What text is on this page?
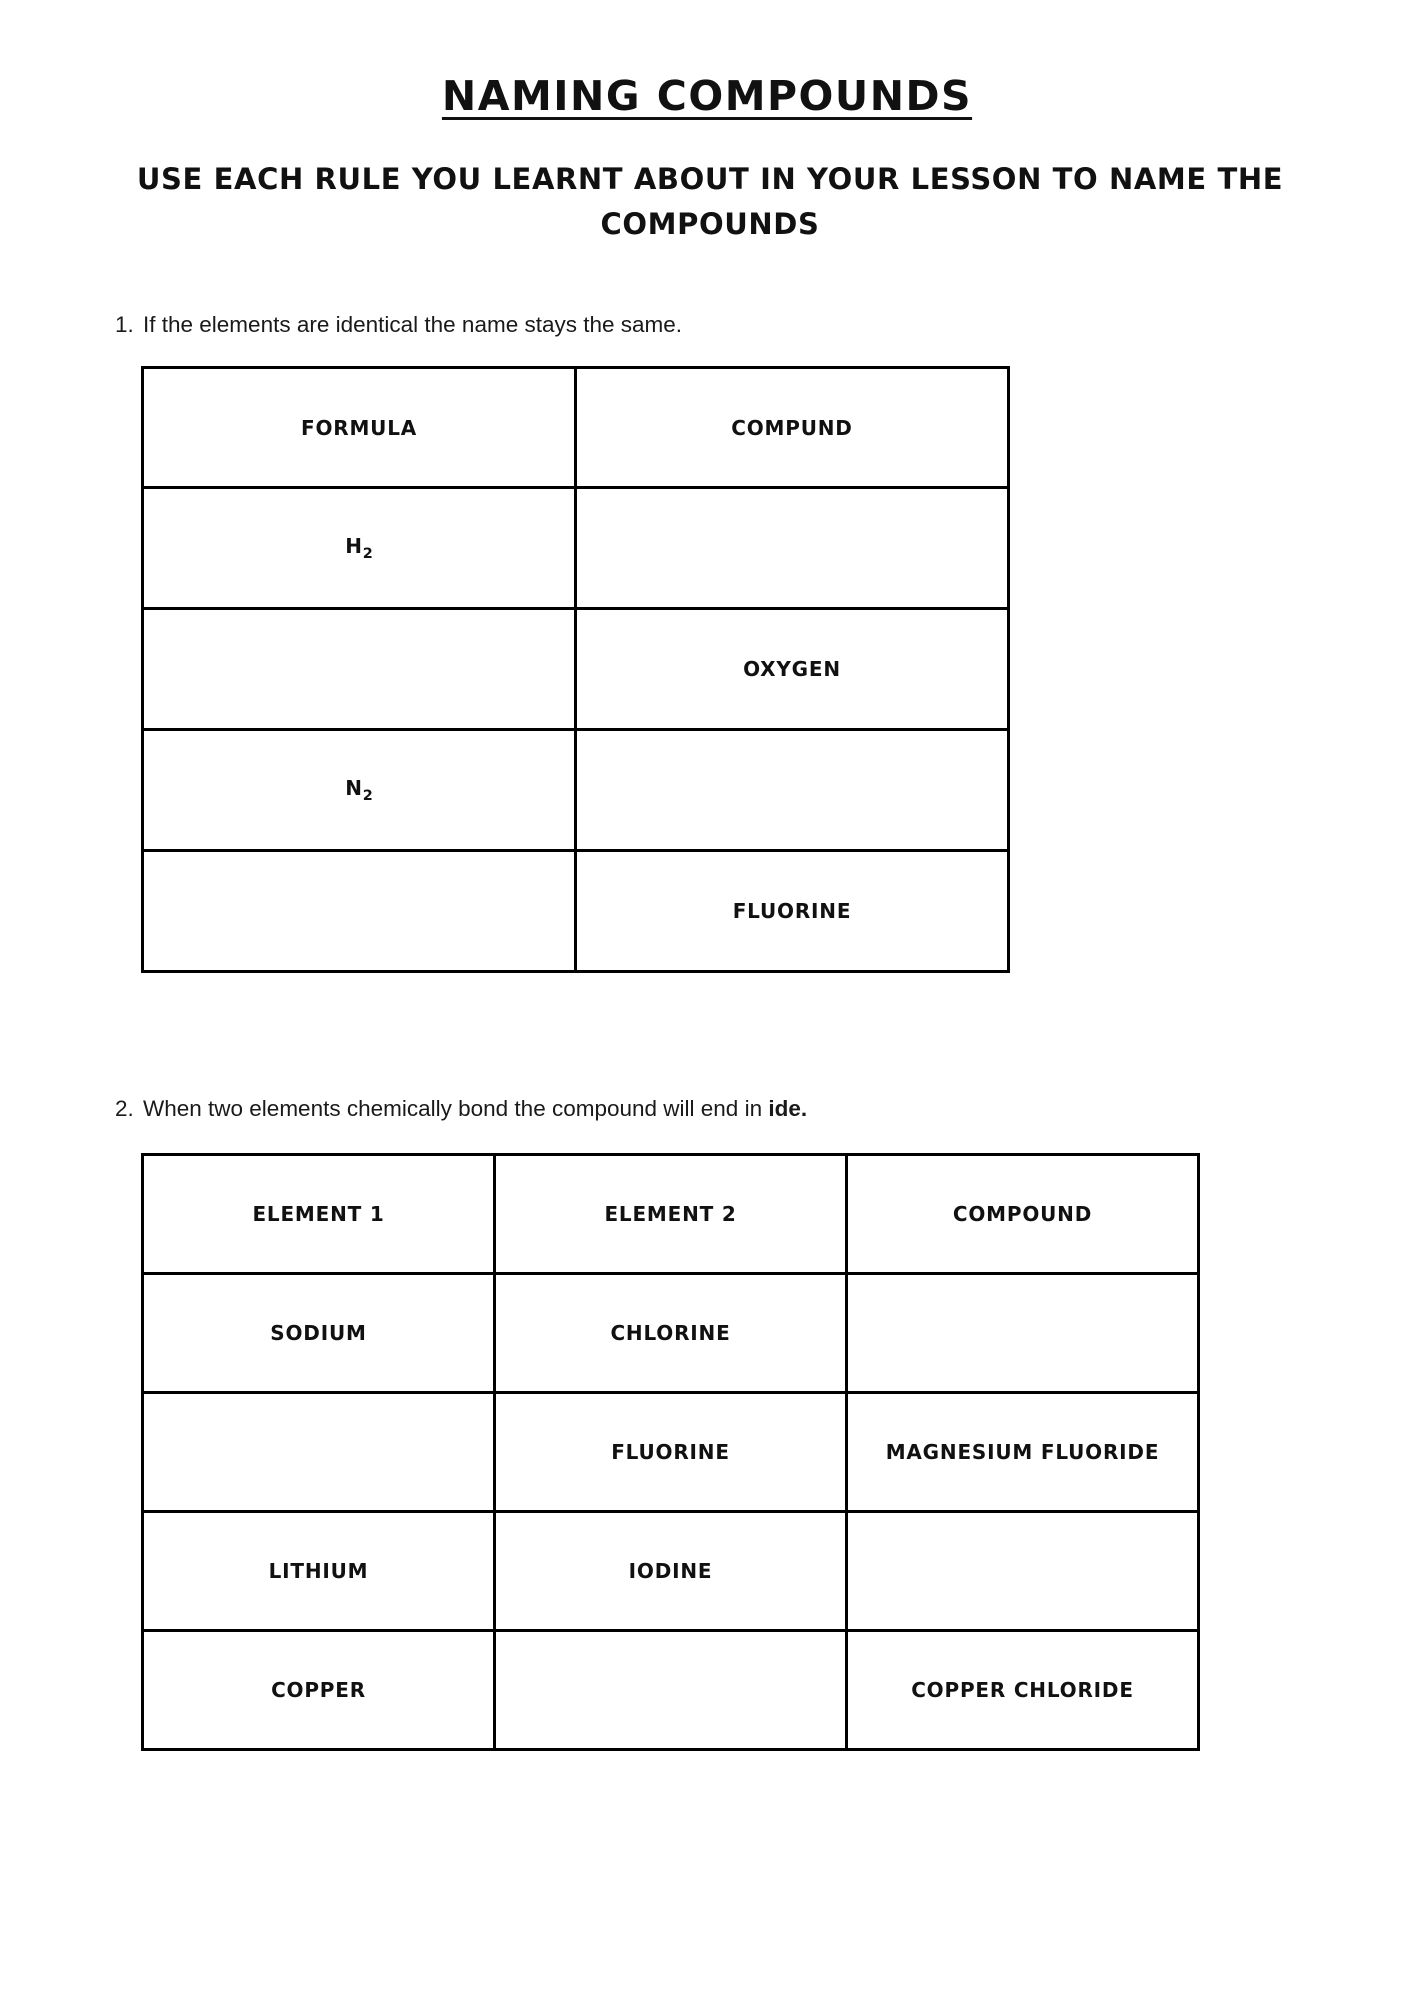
NAMING COMPOUNDS
USE EACH RULE YOU LEARNT ABOUT IN YOUR LESSON TO NAME THE COMPOUNDS

1. If the elements are identical the name stays the same.

FORMULA	COMPUND
$H_2$	
	OXYGEN
$N_2$	
	FLUORINE

2. When two elements chemically bond the compound will end in ide.

ELEMENT 1	ELEMENT 2	COMPOUND
SODIUM	CHLORINE	
	FLUORINE	MAGNESIUM FLUORIDE
LITHIUM	IODINE	
COPPER		COPPER CHLORIDE
